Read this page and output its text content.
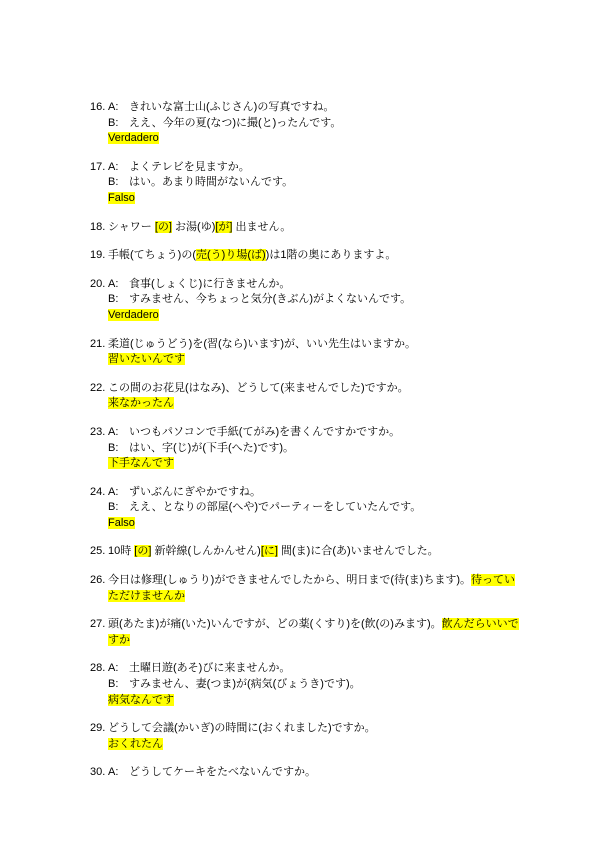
16. A: きれいな富士山(ふじさん)の写真ですね。
B: ええ、今年の夏(なつ)に撮(と)ったんです。
Verdadero
17. A: よくテレビを見ますか。
B: はい。あまり時間がないんです。
Falso
18. シャワー [の] お湯(ゆ)[が] 出ません。
19. 手帳(てちょう)の(売(う)り場(ば))は1階の奥にありますよ。
20. A: 食事(しょくじ)に行きませんか。
B: すみません、今ちょっと気分(きぶん)がよくないんです。
Verdadero
21. 柔道(じゅうどう)を(習(なら)います)が、いい先生はいますか。
習いたいんです
22. この間のお花見(はなみ)、どうして(来ませんでした)ですか。
来なかったん
23. A: いつもパソコンで手紙(てがみ)を書くんですかですか。
B: はい、字(じ)が(下手(へた)です)。
下手なんです
24. A: ずいぶんにぎやかですね。
B: ええ、となりの部屋(へや)でパーティーをしていたんです。
Falso
25. 10時 [の] 新幹線(しんかんせん)[に] 間(ま)に合(あ)いませんでした。
26. 今日は修理(しゅうり)ができませんでしたから、明日まで(待(ま)ちます)。待っていただけませんか
27. 頭(あたま)が痛(いた)いんですが、どの薬(くすり)を(飲(の)みます)。飲んだらいいですか
28. A: 土曜日遊(あそ)びに来ませんか。
B: すみません、妻(つま)が(病気(びょうき)です)。
病気なんです
29. どうして会議(かいぎ)の時間に(おくれました)ですか。
おくれたん
30. A: どうしてケーキをたべないんですか。
